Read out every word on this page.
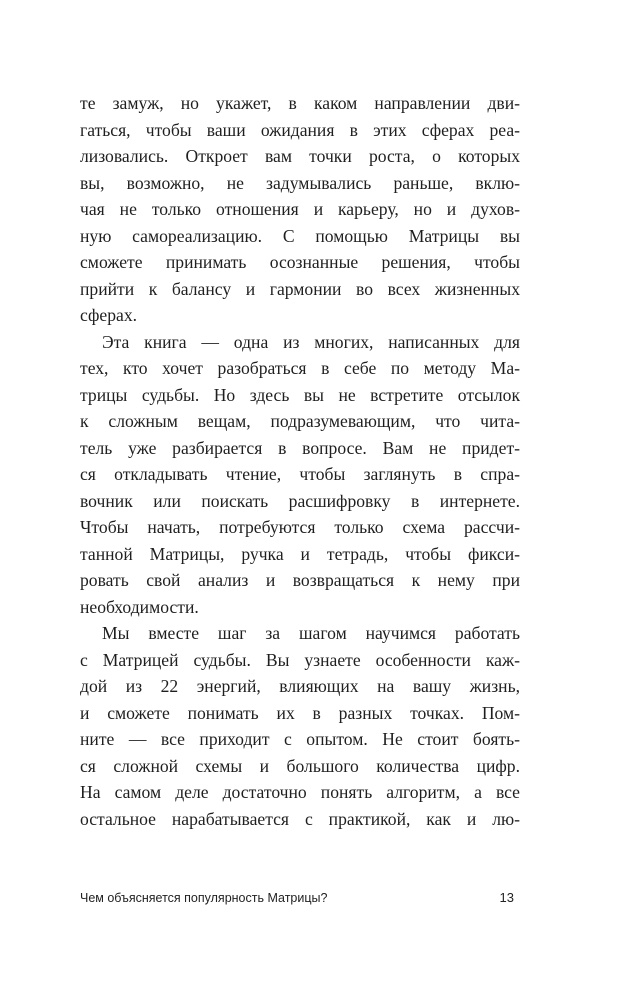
те замуж, но укажет, в каком направлении дви-
гаться, чтобы ваши ожидания в этих сферах реа-
лизовались. Откроет вам точки роста, о которых
вы, возможно, не задумывались раньше, вклю-
чая не только отношения и карьеру, но и духов-
ную самореализацию. С помощью Матрицы вы
сможете принимать осознанные решения, чтобы
прийти к балансу и гармонии во всех жизненных
сферах.
Эта книга — одна из многих, написанных для
тех, кто хочет разобраться в себе по методу Ма-
трицы судьбы. Но здесь вы не встретите отсылок
к сложным вещам, подразумевающим, что чита-
тель уже разбирается в вопросе. Вам не придет-
ся откладывать чтение, чтобы заглянуть в спра-
вочник или поискать расшифровку в интернете.
Чтобы начать, потребуются только схема рассчи-
танной Матрицы, ручка и тетрадь, чтобы фикси-
ровать свой анализ и возвращаться к нему при
необходимости.
Мы вместе шаг за шагом научимся работать
с Матрицей судьбы. Вы узнаете особенности каж-
дой из 22 энергий, влияющих на вашу жизнь,
и сможете понимать их в разных точках. Пом-
ните — все приходит с опытом. Не стоит боять-
ся сложной схемы и большого количества цифр.
На самом деле достаточно понять алгоритм, а все
остальное нарабатывается с практикой, как и лю-
Чем объясняется популярность Матрицы?	13
